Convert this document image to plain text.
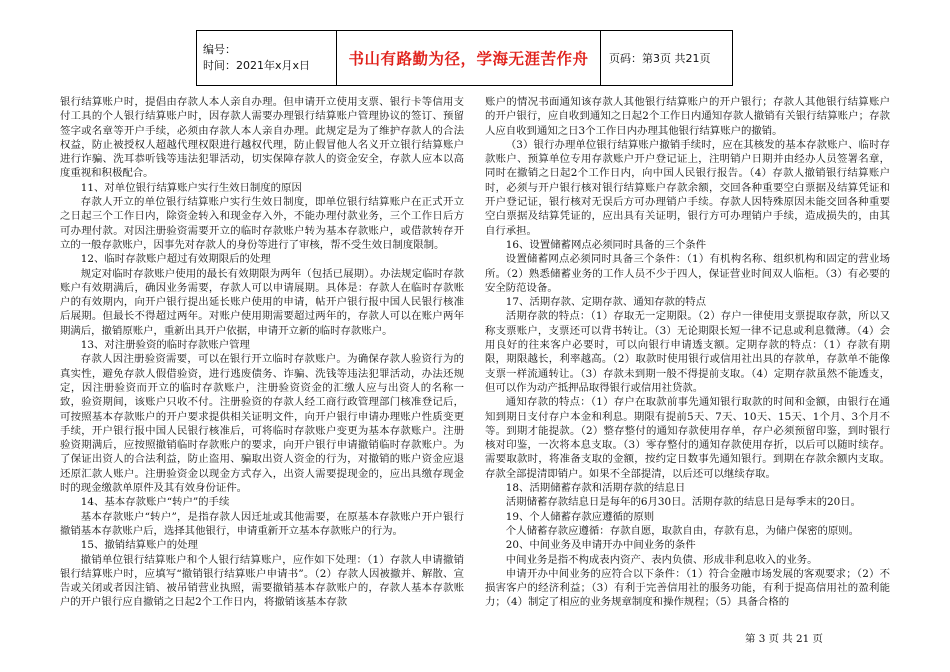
编号：
时间：2021年x月x日	书山有路勤为径，学海无涯苦作舟 页码：第3页 共21页

银行结算账户时，提倡由存款人本人亲自办理。但申请开立使用支票、银行卡等信用支付工具的个人银行结算账户时，因存款人需要办理银行结算账户管理协议的签订、预留签字或名章等开户手续，必须由存款人本人亲自办理。此规定是为了维护存款人的合法权益，防止被授权人超越代理权限进行越权代理，防止假冒他人名义开立银行结算账户进行诈骗、洗耳恭听钱等违法犯罪活动，切实保障存款人的资金安全，存款人应本以高度重视和积极配合。

11、对单位银行结算账户实行生效日制度的原因

存款人开立的单位银行结算账户实行生效日制度，即单位银行结算账户在正式开立之日起三个工作日内，除资金转入和现金存入外，不能办理付款业务，三个工作日后方可办理付款。对因注册验资需要开立的临时存款账户转为基本存款账户，或借款转存开立的一般存款账户，因事先对存款人的身份等进行了审核，帮不受生效日制度限制。

12、临时存款账户超过有效期限后的处理

规定对临时存款账户使用的最长有效期限为两年（包括已展期）。办法规定临时存款账户有效期满后，确因业务需要，存款人可以申请展期。具体是：存款人在临时存款账户的有效期内，向开户银行提出延长账户使用的申请，帖开户银行报中国人民银行核准后展期。但最长不得超过两年。对账户使用期需要超过两年的，存款人可以在账户两年期满后，撤销原账户，重新出具开户依据，申请开立新的临时存款账户。

13、对注册验资的临时存款账户管理

存款人因注册验资需要，可以在银行开立临时存款账户。为确保存款人验资行为的真实性，避免存款人假借验资，进行逃废债务、诈骗、洗钱等违法犯罪活动，办法还规定，因注册验资而开立的临时存款账户，注册验资资金的汇缴人应与出资人的名称一致，验资期间，该账户只收不付。注册验资的存款人经工商行政管理部门核准登记后，可按照基本存款账户的开户要求提供相关证明文件，向开户银行申请办理账户性质变更手续，开户银行报中国人民银行核准后，可将临时存款账户变更为基本存款账户。注册验资期满后，应按照撤销临时存款账户的要求，向开户银行申请撤销临时存款账户。为了保证出资人的合法利益，防止盗用、骗取出资人资金的行为，对撤销的账户资金应退还原汇款人账户。注册验资金以现金方式存入，出资人需要提现金的，应出具缴存现金时的现金缴款单原件及其有效身份证件。

14、基本存款账户“转户”的手续

基本存款账户“转户”，是指存款人因迁址或其他需要，在原基本存款账户开户银行撤销基本存款账户后，选择其他银行，申请重新开立基本存款账户的行为。

15、撤销结算账户的处理

撤销单位银行结算账户和个人银行结算账户，应作如下处理：（1）存款人申请撤销银行结算账户时，应填写“撤销银行结算账户申请书”。（2）存款人因被撤并、解散、宣告或关闭或者因注销、被吊销营业执照，需要撤销基本存款账户的，存款人基本存款账户的开户银行应自撤销之日起2个工作日内，将撤销该基本存款

账户的情况书面通知该存款人其他银行结算账户的开户银行；存款人其他银行结算账户的开户银行，应自收到通知之日起2个工作日内通知存款人撤销有关银行结算账户；存款人应自收到通知之日3个工作日内办理其他银行结算账户的撤销。

（3）银行办理单位银行结算账户撤销手续时，应在其核发的基本存款账户、临时存款账户、预算单位专用存款账户开户登记证上，注明销户日期并由经办人员签署名章，同时在撤销之日起2个工作日内，向中国人民银行报告。（4）存款人撤销银行结算账户时，必须与开户银行核对银行结算账户存款余额，交回各种重要空白票据及结算凭证和开户登记证，银行核对无误后方可办理销户手续。存款人因特殊原因未能交回各种重要空白票据及结算凭证的，应出具有关证明，银行方可办理销户手续，造成损失的，由其自行承担。

16、设置储蓄网点必须同时具备的三个条件

设置储蓄网点必须同时具备三个条件：（1）有机构名称、组织机构和固定的营业场所。（2）熟悉储蓄业务的工作人员不少于四人，保证营业时间双人临柜。（3）有必要的安全防范设备。

17、活期存款、定期存款、通知存款的特点

活期存款的特点：（1）存取无一定期限。（2）存户一律使用支票提取存款，所以又称支票账户，支票还可以背书转让。（3）无论期限长短一律不记息或利息微薄。（4）会用良好的往来客户必要时，可以向银行申请透支额。定期存款的特点：（1）存款有期限，期限越长，利率越高。（2）取款时使用银行或信用社出具的存款单，存款单不能像支票一样流通转让。（3）存款未到期一般不得提前支取。（4）定期存款虽然不能透支，但可以作为动产抵押品取得银行或信用社贷款。

通知存款的特点：（1）存户在取款前事先通知银行取款的时间和金额，由银行在通知到期日支付存户本金和利息。期限有提前5天、7天、10天、15天、1个月、3个月不等。到期才能提款。（2）整存整付的通知存款使用存单，存户必须预留印鉴，到时银行核对印鉴，一次将本息支取。（3）零存整付的通知存款使用存折，以后可以随时续存。需要取款时，将准备支取的金额，按约定日数事先通知银行。到期在存款余额内支取。存款全部提清即销户。如果不全部提清，以后还可以继续存取。

18、活期储蓄存款和活期存款的结息日

活期储蓄存款结息日是每年的6月30日。活期存款的结息日是每季末的20日。

19、个人储蓄存款应遵循的原则

个人储蓄存款应遵循：存款自愿，取款自由，存款有息，为储户保密的原则。

20、中间业务及申请开办中间业务的条件

中间业务是指不构成表内资产、表内负债、形成非利息收入的业务。

申请开办中间业务的应符合以下条件：（1）符合金融市场发展的客观要求；（2）不损害客户的经济利益；（3）有利于完善信用社的服务功能，有利于提高信用社的盈利能力；（4）制定了相应的业务规章制度和操作规程；（5）具备合格的

第 3 页 共 21 页
